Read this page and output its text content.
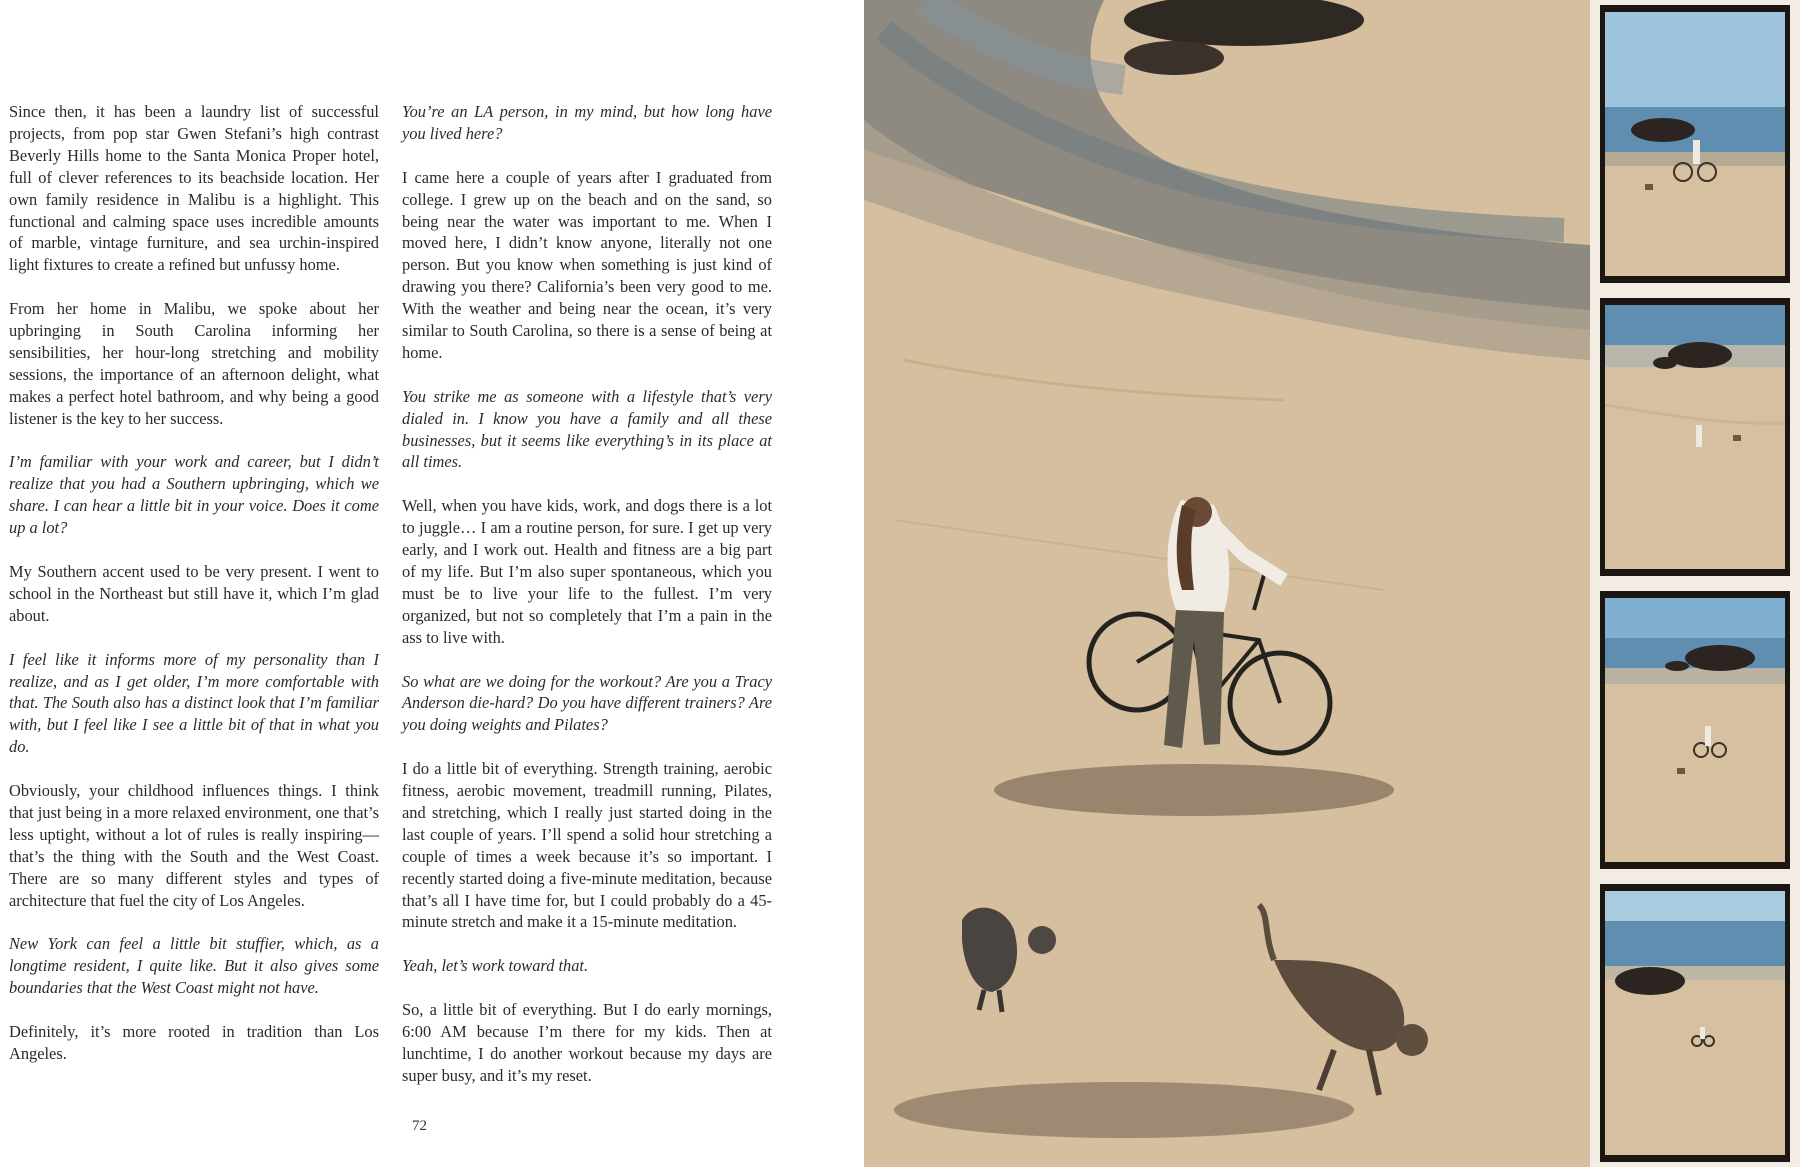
Since then, it has been a laundry list of successful projects, from pop star Gwen Stefani’s high contrast Beverly Hills home to the Santa Monica Proper hotel, full of clever references to its beachside location. Her own family residence in Malibu is a highlight. This functional and calming space uses incredible amounts of marble, vintage furniture, and sea urchin-inspired light fixtures to create a refined but unfussy home.

From her home in Malibu, we spoke about her upbringing in South Carolina informing her sensibilities, her hour-long stretching and mobility sessions, the importance of an afternoon delight, what makes a perfect hotel bathroom, and why being a good listener is the key to her success.

I’m familiar with your work and career, but I didn’t realize that you had a Southern upbringing, which we share. I can hear a little bit in your voice. Does it come up a lot?

My Southern accent used to be very present. I went to school in the Northeast but still have it, which I’m glad about.

I feel like it informs more of my personality than I realize, and as I get older, I’m more comfortable with that. The South also has a distinct look that I’m familiar with, but I feel like I see a little bit of that in what you do.

Obviously, your childhood influences things. I think that just being in a more relaxed environment, one that’s less uptight, without a lot of rules is really inspiring— that’s the thing with the South and the West Coast. There are so many different styles and types of architecture that fuel the city of Los Angeles.

New York can feel a little bit stuffier, which, as a longtime resident, I quite like. But it also gives some boundaries that the West Coast might not have.

Definitely, it’s more rooted in tradition than Los Angeles.

You’re an LA person, in my mind, but how long have you lived here?

I came here a couple of years after I graduated from college. I grew up on the beach and on the sand, so being near the water was important to me. When I moved here, I didn’t know anyone, literally not one person. But you know when something is just kind of drawing you there? California’s been very good to me. With the weather and being near the ocean, it’s very similar to South Carolina, so there is a sense of being at home.

You strike me as someone with a lifestyle that’s very dialed in. I know you have a family and all these businesses, but it seems like everything’s in its place at all times.

Well, when you have kids, work, and dogs there is a lot to juggle… I am a routine person, for sure. I get up very early, and I work out. Health and fitness are a big part of my life. But I’m also super spontaneous, which you must be to live your life to the fullest. I’m very organized, but not so completely that I’m a pain in the ass to live with.

So what are we doing for the workout? Are you a Tracy Anderson die-hard? Do you have different trainers? Are you doing weights and Pilates?

I do a little bit of everything. Strength training, aerobic fitness, aerobic movement, treadmill running, Pilates, and stretching, which I really just started doing in the last couple of years. I’ll spend a solid hour stretching a couple of times a week because it’s so important. I recently started doing a five-minute meditation, because that’s all I have time for, but I could probably do a 45-minute stretch and make it a 15-minute meditation.

Yeah, let’s work toward that.

So, a little bit of everything. But I do early mornings, 6:00 AM because I’m there for my kids. Then at lunchtime, I do another workout because my days are super busy, and it’s my reset.

72
